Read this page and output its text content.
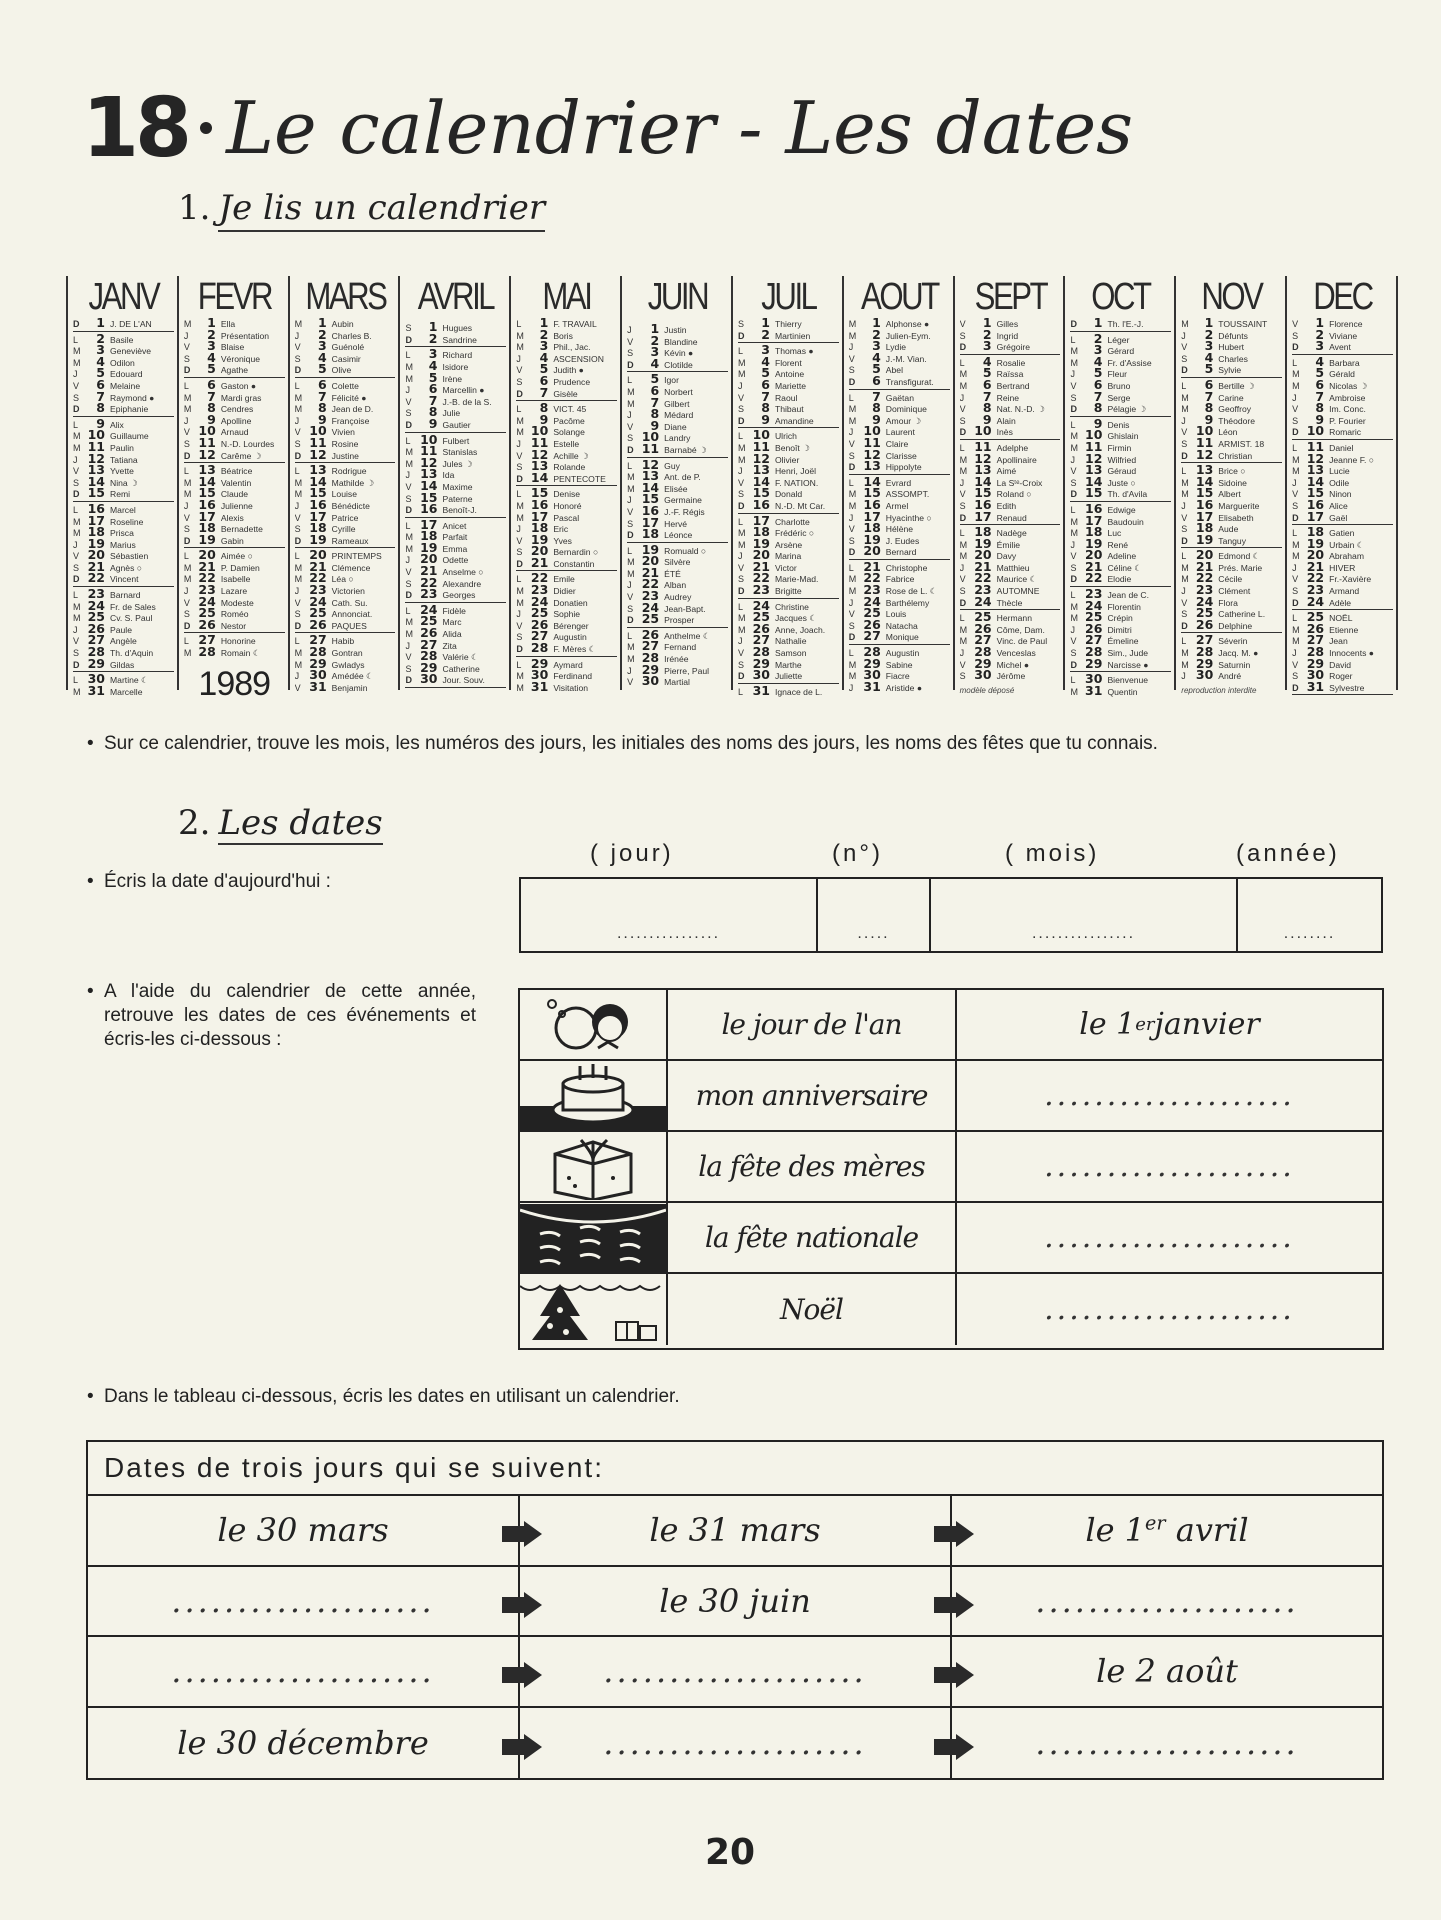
18 Le calendrier - Les dates
1. Je lis un calendrier
JANV
D	1 J. DE L'AN
L	2 Basile
M	3 Geneviève
M	4 Odilon
J	5 Edouard
V	6 Melaine
S	7 Raymond ●
D	8 Epiphanie
L	9 Alix
M 10 Guillaume
M 11 Paulin
J 12 Tatiana
V 13 Yvette
S 14 Nina ☽
D 15 Remi
L 16 Marcel
M 17 Roseline
M 18 Prisca
J 19 Marius
V 20 Sébastien
S 21 Agnès ○
D 22 Vincent
L 23 Barnard
M 24 Fr. de Sales
M 25 Cv. S. Paul
J 26 Paule
V 27 Angèle
S 28 Th. d'Aquin
D 29 Gildas
L 30 Martine ☾
M 31 Marcelle
FEVR
M	1 Ella
J	2 Présentation
V	3 Blaise
S	4 Véronique
D	5 Agathe
L	6 Gaston ●
M	7 Mardi gras
M	8 Cendres
J	9 Apolline
V 10 Arnaud
S 11 N.-D. Lourdes
D 12 Carême ☽
L 13 Béatrice
M 14 Valentin
M 15 Claude
J 16 Julienne
V 17 Alexis
S 18 Bernadette
D 19 Gabin
L 20 Aimée ○
M 21 P. Damien
M 22 Isabelle
J 23 Lazare
V 24 Modeste
S 25 Roméo
D 26 Nestor
L 27 Honorine
M 28 Romain ☾
1989
MARS
M	1 Aubin
J	2 Charles B.
V	3 Guénolé
S	4 Casimir
D	5 Olive
L	6 Colette
M	7 Félicité ●
M	8 Jean de D.
J	9 Françoise
V 10 Vivien
S 11 Rosine
D 12 Justine
L 13 Rodrigue
M 14 Mathilde ☽
M 15 Louise
J 16 Bénédicte
V 17 Patrice
S 18 Cyrille
D 19 Rameaux
L 20 PRINTEMPS
M 21 Clémence
M 22 Léa ○
J 23 Victorien
V 24 Cath. Su.
S 25 Annonciat.
D 26 PAQUES
L 27 Habib
M 28 Gontran
M 29 Gwladys
J 30 Amédée ☾
V 31 Benjamin
AVRIL
S	1 Hugues
D	2 Sandrine
L	3 Richard
M	4 Isidore
M	5 Irène
J	6 Marcellin ●
V	7 J.-B. de la S.
S	8 Julie
D	9 Gautier
L 10 Fulbert
M 11 Stanislas
M 12 Jules ☽
J 13 Ida
V 14 Maxime
S 15 Paterne
D 16 Benoît-J.
L 17 Anicet
M 18 Parfait
M 19 Emma
J 20 Odette
V 21 Anselme ○
S 22 Alexandre
D 23 Georges
L 24 Fidèle
M 25 Marc
M 26 Alida
J 27 Zita
V 28 Valérie ☾
S 29 Catherine
D 30 Jour. Souv.
MAI
L	1 F. TRAVAIL
M	2 Boris
M	3 Phil., Jac.
J	4 ASCENSION
V	5 Judith ●
S	6 Prudence
D	7 Gisèle
L	8 VICT. 45
M	9 Pacôme
M 10 Solange
J 11 Estelle
V 12 Achille ☽
S 13 Rolande
D 14 PENTECOTE
L 15 Denise
M 16 Honoré
M 17 Pascal
J 18 Eric
V 19 Yves
S 20 Bernardin ○
D 21 Constantin
L 22 Emile
M 23 Didier
M 24 Donatien
J 25 Sophie
V 26 Bérenger
S 27 Augustin
D 28 F. Mères ☾
L 29 Aymard
M 30 Ferdinand
M 31 Visitation
JUIN
J	1 Justin
V	2 Blandine
S	3 Kévin ●
D	4 Clotilde
L	5 Igor
M	6 Norbert
M	7 Gilbert
J	8 Médard
V	9 Diane
S 10 Landry
D 11 Barnabé ☽
L 12 Guy
M 13 Ant. de P.
M 14 Elisée
J 15 Germaine
V 16 J.-F. Régis
S 17 Hervé
D 18 Léonce
L 19 Romuald ○
M 20 Silvère
M 21 ÉTÉ
J 22 Alban
V 23 Audrey
S 24 Jean-Bapt.
D 25 Prosper
L 26 Anthelme ☾
M 27 Fernand
M 28 Irénée
J 29 Pierre, Paul
V 30 Martial
JUIL
S	1 Thierry
D	2 Martinien
L	3 Thomas ●
M	4 Florent
M	5 Antoine
J	6 Mariette
V	7 Raoul
S	8 Thibaut
D	9 Amandine
L 10 Ulrich
M 11 Benoît ☽
M 12 Olivier
J 13 Henri, Joël
V 14 F. NATION.
S 15 Donald
D 16 N.-D. Mt Car.
L 17 Charlotte
M 18 Frédéric ○
M 19 Arsène
J 20 Marina
V 21 Victor
S 22 Marie-Mad.
D 23 Brigitte
L 24 Christine
M 25 Jacques ☾
M 26 Anne, Joach.
J 27 Nathalie
V 28 Samson
S 29 Marthe
D 30 Juliette
L 31 Ignace de L.
AOUT
M	1 Alphonse ●
M	2 Julien-Eym.
J	3 Lydie
V	4 J.-M. Vian.
S	5 Abel
D	6 Transfigurat.
L	7 Gaëtan
M	8 Dominique
M	9 Amour ☽
J 10 Laurent
V 11 Claire
S 12 Clarisse
D 13 Hippolyte
L 14 Evrard
M 15 ASSOMPT.
M 16 Armel
J 17 Hyacinthe ○
V 18 Hélène
S 19 J. Eudes
D 20 Bernard
L 21 Christophe
M 22 Fabrice
M 23 Rose de L. ☾
J 24 Barthélemy
V 25 Louis
S 26 Natacha
D 27 Monique
L 28 Augustin
M 29 Sabine
M 30 Fiacre
J 31 Aristide ●
SEPT
V	1 Gilles
S	2 Ingrid
D	3 Grégoire
L	4 Rosalie
M	5 Raïssa
M	6 Bertrand
J	7 Reine
V	8 Nat. N.-D. ☽
S	9 Alain
D 10 Inès
L 11 Adelphe
M 12 Apollinaire
M 13 Aimé
J 14 La Sᵗᵉ-Croix
V 15 Roland ○
S 16 Edith
D 17 Renaud
L 18 Nadège
M 19 Émilie
M 20 Davy
J 21 Matthieu
V 22 Maurice ☾
S 23 AUTOMNE
D 24 Thècle
L 25 Hermann
M 26 Côme, Dam.
M 27 Vinc. de Paul
J 28 Venceslas
V 29 Michel ●
S 30 Jérôme
modèle déposé
OCT
D	1 Th. l'E.-J.
L	2 Léger
M	3 Gérard
M	4 Fr. d'Assise
J	5 Fleur
V	6 Bruno
S	7 Serge
D	8 Pélagie ☽
L	9 Denis
M 10 Ghislain
M 11 Firmin
J 12 Wilfried
V 13 Géraud
S 14 Juste ○
D 15 Th. d'Avila
L 16 Edwige
M 17 Baudouin
M 18 Luc
J 19 René
V 20 Adeline
S 21 Céline ☾
D 22 Elodie
L 23 Jean de C.
M 24 Florentin
M 25 Crépin
J 26 Dimitri
V 27 Émeline
S 28 Sim., Jude
D 29 Narcisse ●
L 30 Bienvenue
M 31 Quentin
NOV
M	1 TOUSSAINT
J	2 Défunts
V	3 Hubert
S	4 Charles
D	5 Sylvie
L	6 Bertille ☽
M	7 Carine
M	8 Geoffroy
J	9 Théodore
V 10 Léon
S 11 ARMIST. 18
D 12 Christian
L 13 Brice ○
M 14 Sidoine
M 15 Albert
J 16 Marguerite
V 17 Elisabeth
S 18 Aude
D 19 Tanguy
L 20 Edmond ☾
M 21 Prés. Marie
M 22 Cécile
J 23 Clément
V 24 Flora
S 25 Catherine L.
D 26 Delphine
L 27 Séverin
M 28 Jacq. M. ●
M 29 Saturnin
J 30 André
reproduction interdite
DEC
V	1 Florence
S	2 Viviane
D	3 Avent
L	4 Barbara
M	5 Gérald
M	6 Nicolas ☽
J	7 Ambroise
V	8 Im. Conc.
S	9 P. Fourier
D 10 Romaric
L 11 Daniel
M 12 Jeanne F. ○
M 13 Lucie
J 14 Odile
V 15 Ninon
S 16 Alice
D 17 Gaël
L 18 Gatien
M 19 Urbain ☾
M 20 Abraham
J 21 HIVER
V 22 Fr.-Xavière
S 23 Armand
D 24 Adèle
L 25 NOËL
M 26 Etienne
M 27 Jean
J 28 Innocents ●
V 29 David
S 30 Roger
D 31 Sylvestre
• Sur ce calendrier, trouve les mois, les numéros des jours, les initiales des noms des jours, les noms des fêtes que tu connais.
2. Les dates
( jour)	(n°)	( mois)	(année)
• Écris la date d'aujourd'hui :
................	.....	................	........
• A l'aide du calendrier de cette année, retrouve les dates de ces événements et écris-les ci-dessous :	le jour de l'an	le 1 er janvier
mon anniversaire	....................
la fête des mères	....................
la fête nationale	....................
Noël	....................
• Dans le tableau ci-dessous, écris les dates en utilisant un calendrier.
Dates de trois jours qui se suivent:
le 30 mars	le 31 mars	le 1er avril
....................	le 30 juin	....................
....................	....................	le 2 août
le 30 décembre	....................	....................
20
